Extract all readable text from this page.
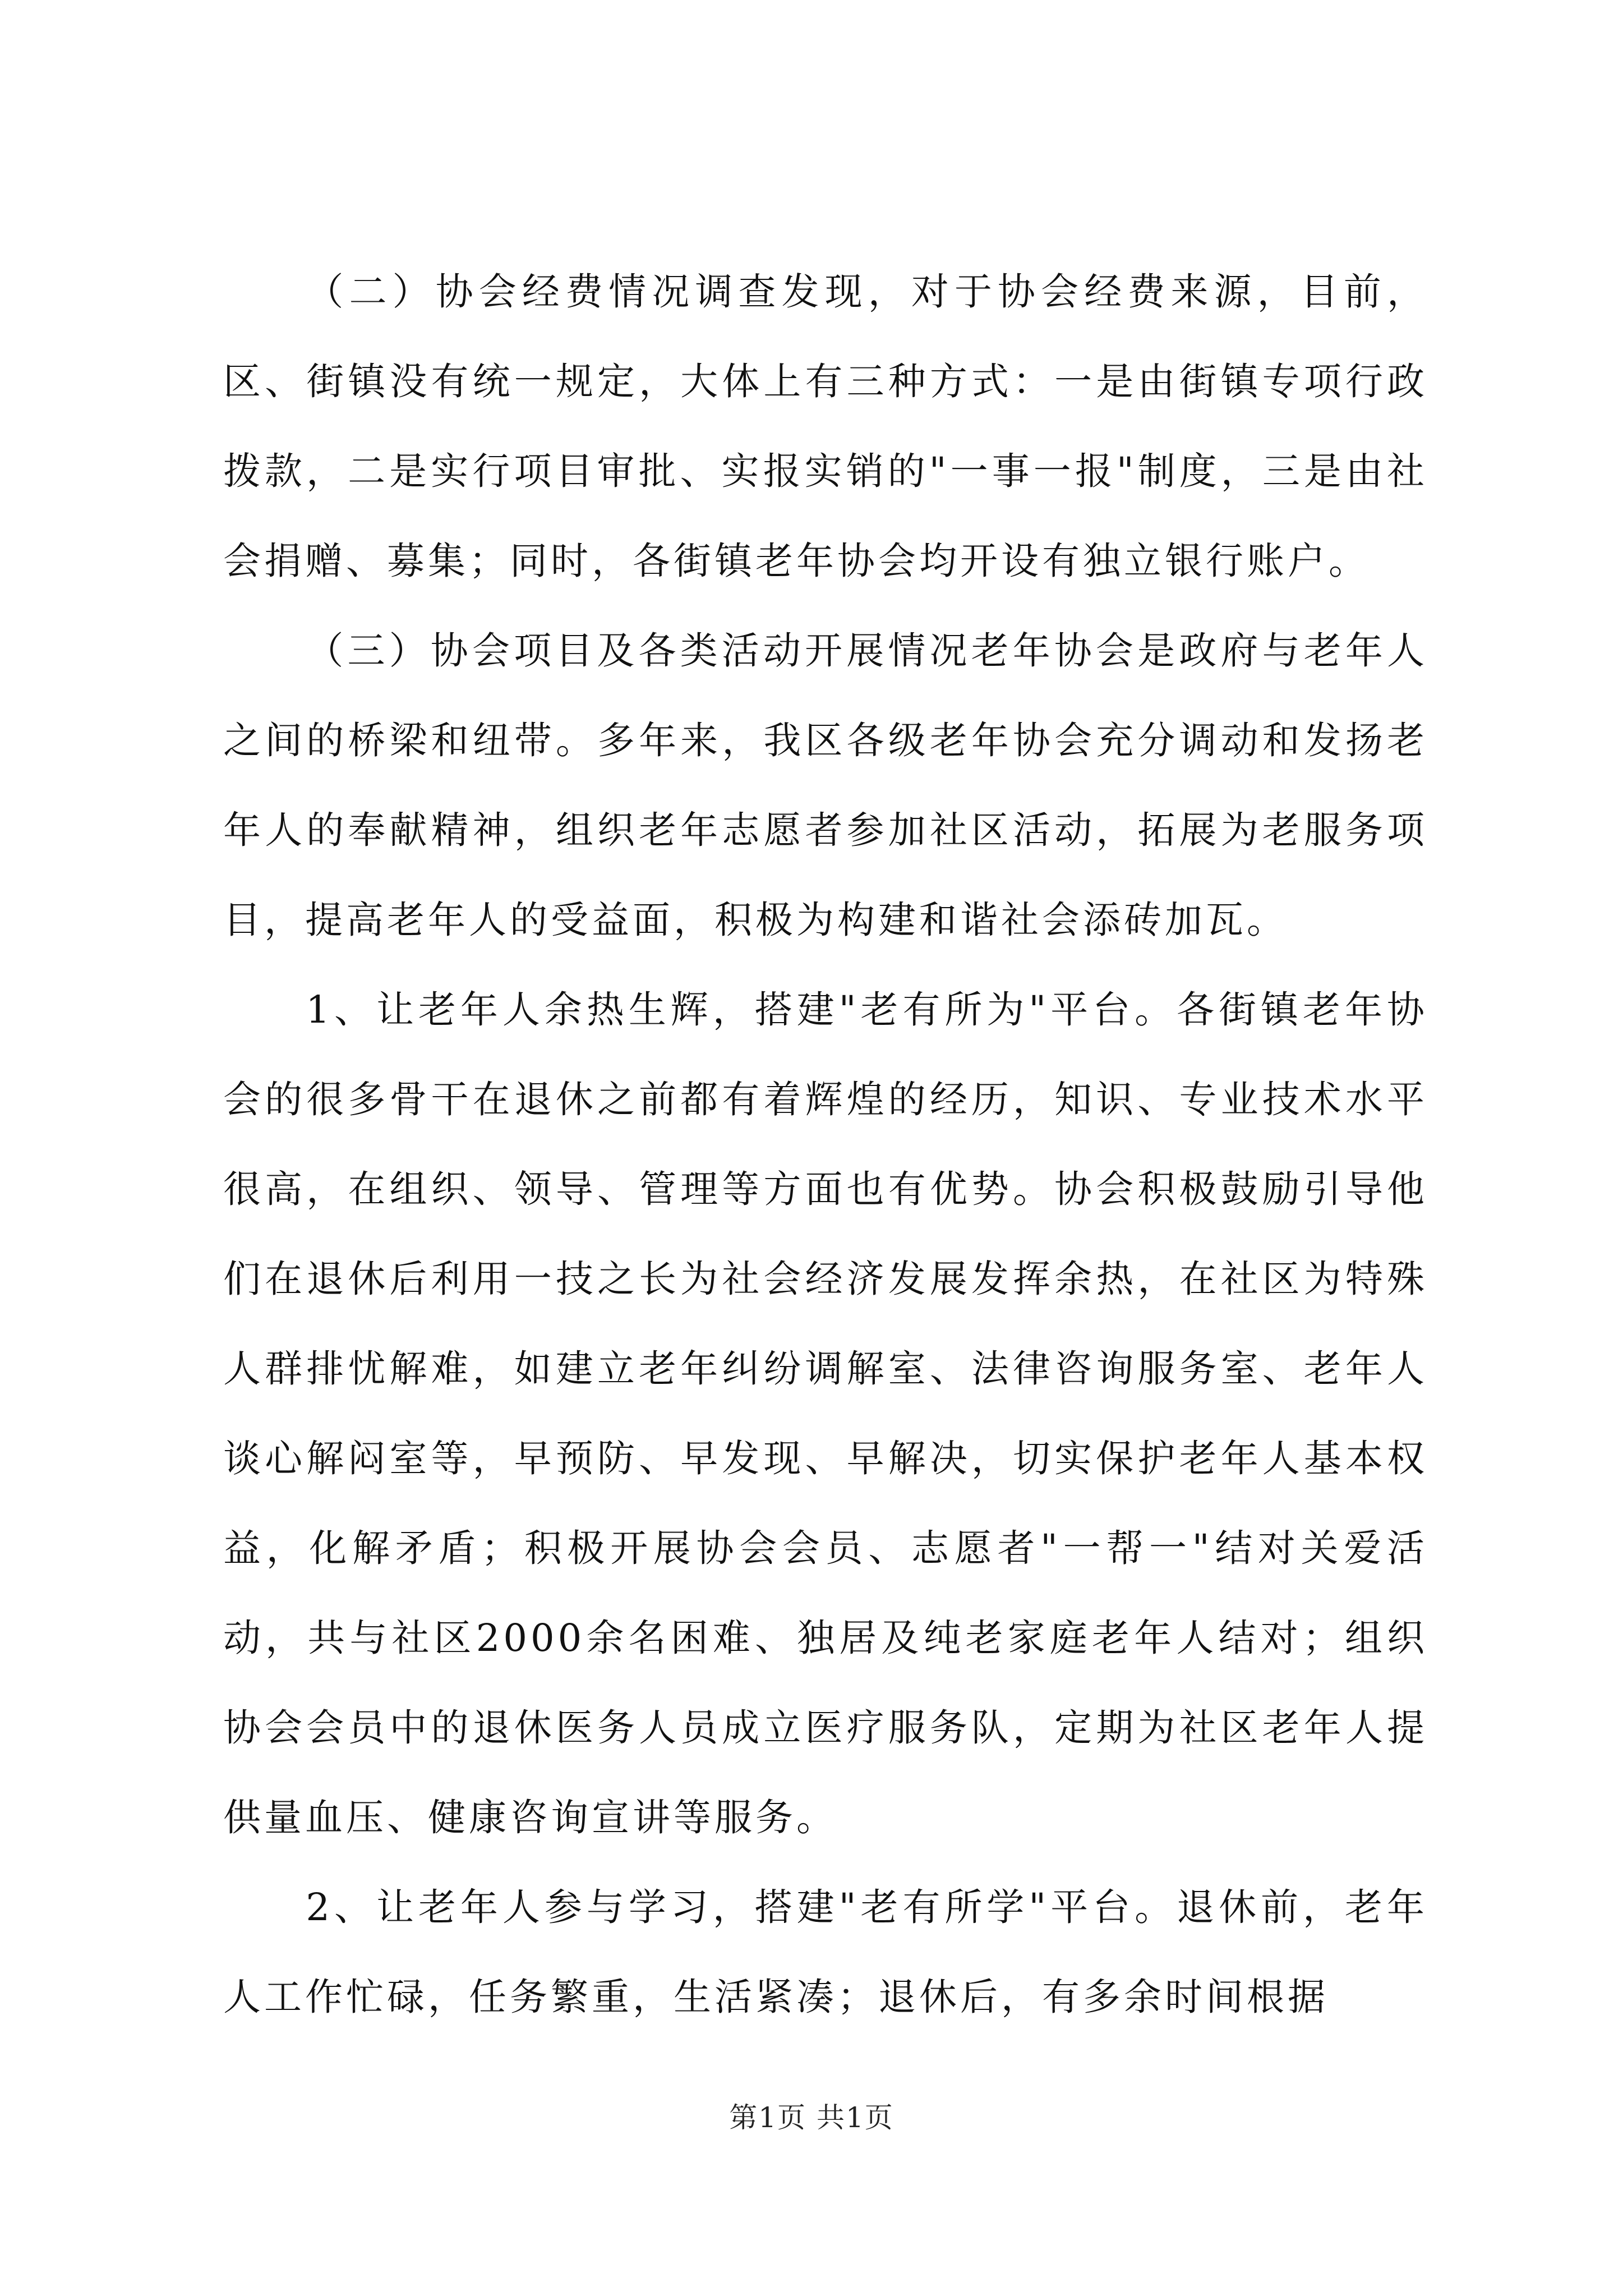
（二）协会经费情况调查发现，对于协会经费来源，目前，区、街镇没有统一规定，大体上有三种方式：一是由街镇专项行政拨款，二是实行项目审批、实报实销的"一事一报"制度，三是由社会捐赠、募集；同时，各街镇老年协会均开设有独立银行账户。

（三）协会项目及各类活动开展情况老年协会是政府与老年人之间的桥梁和纽带。多年来，我区各级老年协会充分调动和发扬老年人的奉献精神，组织老年志愿者参加社区活动，拓展为老服务项目，提高老年人的受益面，积极为构建和谐社会添砖加瓦。

1、让老年人余热生辉，搭建"老有所为"平台。各街镇老年协会的很多骨干在退休之前都有着辉煌的经历，知识、专业技术水平很高，在组织、领导、管理等方面也有优势。协会积极鼓励引导他们在退休后利用一技之长为社会经济发展发挥余热，在社区为特殊人群排忧解难，如建立老年纠纷调解室、法律咨询服务室、老年人谈心解闷室等，早预防、早发现、早解决，切实保护老年人基本权益，化解矛盾；积极开展协会会员、志愿者"一帮一"结对关爱活动，共与社区2000余名困难、独居及纯老家庭老年人结对；组织协会会员中的退休医务人员成立医疗服务队，定期为社区老年人提供量血压、健康咨询宣讲等服务。

2、让老年人参与学习，搭建"老有所学"平台。退休前，老年人工作忙碌，任务繁重，生活紧凑；退休后，有多余时间根据

第1页 共1页
